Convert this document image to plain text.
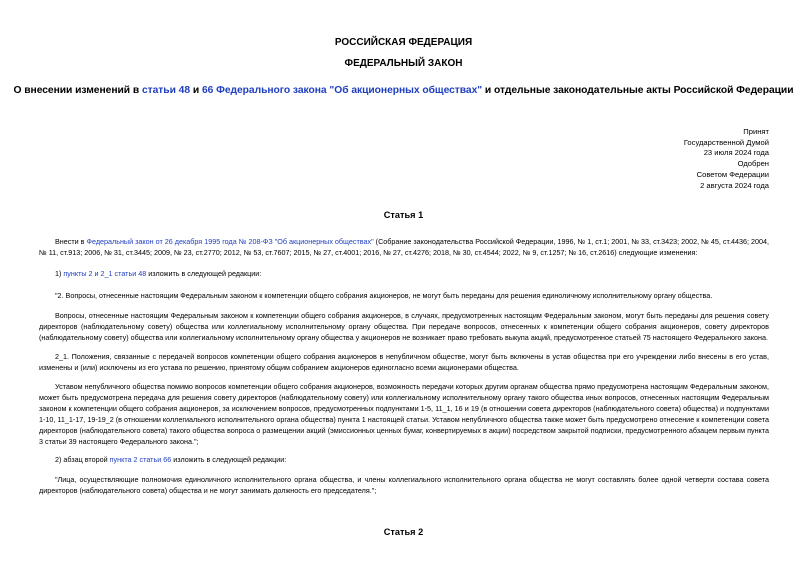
РОССИЙСКАЯ ФЕДЕРАЦИЯ
ФЕДЕРАЛЬНЫЙ ЗАКОН
О внесении изменений в статьи 48 и 66 Федерального закона "Об акционерных обществах" и отдельные законодательные акты Российской Федерации
Принят
Государственной Думой
23 июля 2024 года
Одобрен
Советом Федерации
2 августа 2024 года
Статья 1

Внести в Федеральный закон от 26 декабря 1995 года № 208-ФЗ "Об акционерных обществах" (Собрание законодательства Российской Федерации, 1996, № 1, ст.1; 2001, № 33, ст.3423; 2002, № 45, ст.4436; 2004, № 11, ст.913; 2006, № 31, ст.3445; 2009, № 23, ст.2770; 2012, № 53, ст.7607; 2015, № 27, ст.4001; 2016, № 27, ст.4276; 2018, № 30, ст.4544; 2022, № 9, ст.1257; № 16, ст.2616) следующие изменения:

1) пункты 2 и 2_1 статьи 48 изложить в следующей редакции:

"2. Вопросы, отнесенные настоящим Федеральным законом к компетенции общего собрания акционеров, не могут быть переданы для решения единоличному исполнительному органу общества.

Вопросы, отнесенные настоящим Федеральным законом к компетенции общего собрания акционеров, в случаях, предусмотренных настоящим Федеральным законом, могут быть переданы для решения совету директоров (наблюдательному совету) общества или коллегиальному исполнительному органу общества. При передаче вопросов, отнесенных к компетенции общего собрания акционеров, совету директоров (наблюдательному совету) общества или коллегиальному исполнительному органу общества у акционеров не возникает право требовать выкупа акций, предусмотренное статьей 75 настоящего Федерального закона.

2_1. Положения, связанные с передачей вопросов компетенции общего собрания акционеров в непубличном обществе, могут быть включены в устав общества при его учреждении либо внесены в его устав, изменены и (или) исключены из его устава по решению, принятому общим собранием акционеров единогласно всеми акционерами общества.

Уставом непубличного общества помимо вопросов компетенции общего собрания акционеров, возможность передачи которых другим органам общества прямо предусмотрена настоящим Федеральным законом, может быть предусмотрена передача для решения совету директоров (наблюдательному совету) или коллегиальному исполнительному органу такого общества иных вопросов, отнесенных настоящим Федеральным законом к компетенции общего собрания акционеров, за исключением вопросов, предусмотренных подпунктами 1-5, 11_1, 16 и 19 (в отношении совета директоров (наблюдательного совета) общества) и подпунктами 1-10, 11_1-17, 19-19_2 (в отношении коллегиального исполнительного органа общества) пункта 1 настоящей статьи. Уставом непубличного общества также может быть предусмотрено отнесение к компетенции совета директоров (наблюдательного совета) такого общества вопроса о размещении акций (эмиссионных ценных бумаг, конвертируемых в акции) посредством закрытой подписки, предусмотренного абзацем первым пункта 3 статьи 39 настоящего Федерального закона.";

2) абзац второй пункта 2 статьи 66 изложить в следующей редакции:

"Лица, осуществляющие полномочия единоличного исполнительного органа общества, и члены коллегиального исполнительного органа общества не могут составлять более одной четверти состава совета директоров (наблюдательного совета) общества и не могут занимать должность его председателя.";

Статья 2
